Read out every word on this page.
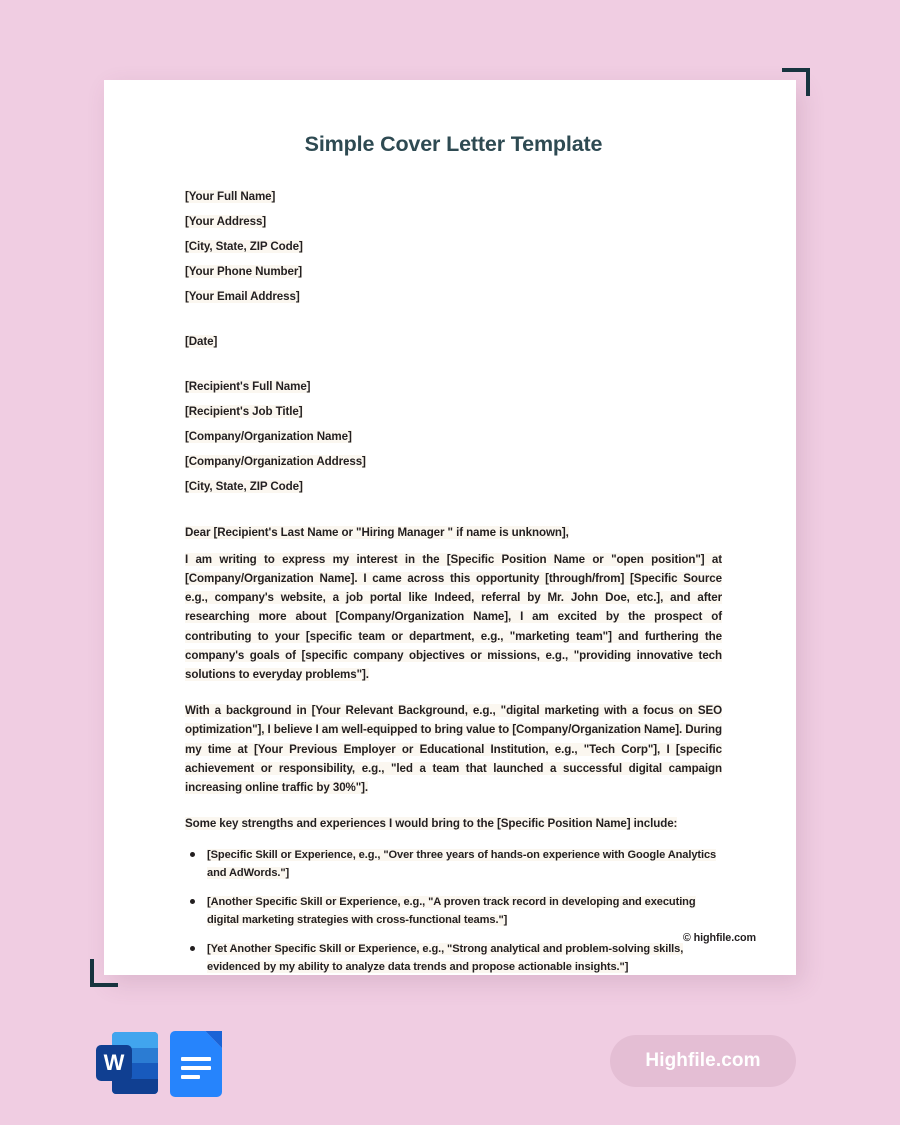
Simple Cover Letter Template
[Your Full Name]
[Your Address]
[City, State, ZIP Code]
[Your Phone Number]
[Your Email Address]
[Date]
[Recipient's Full Name]
[Recipient's Job Title]
[Company/Organization Name]
[Company/Organization Address]
[City, State, ZIP Code]
Dear [Recipient's Last Name or "Hiring Manager " if name is unknown],

I am writing to express my interest in the [Specific Position Name or "open position"] at [Company/Organization Name]. I came across this opportunity [through/from] [Specific Source e.g., company's website, a job portal like Indeed, referral by Mr. John Doe, etc.], and after researching more about [Company/Organization Name], I am excited by the prospect of contributing to your [specific team or department, e.g., "marketing team"] and furthering the company's goals of [specific company objectives or missions, e.g., "providing innovative tech solutions to everyday problems"].

With a background in [Your Relevant Background, e.g., "digital marketing with a focus on SEO optimization"], I believe I am well-equipped to bring value to [Company/Organization Name]. During my time at [Your Previous Employer or Educational Institution, e.g., "Tech Corp"], I [specific achievement or responsibility, e.g., "led a team that launched a successful digital campaign increasing online traffic by 30%"].

Some key strengths and experiences I would bring to the [Specific Position Name] include:

[Specific Skill or Experience, e.g., "Over three years of hands-on experience with Google Analytics and AdWords."]
[Another Specific Skill or Experience, e.g., "A proven track record in developing and executing digital marketing strategies with cross-functional teams."]
[Yet Another Specific Skill or Experience, e.g., "Strong analytical and problem-solving skills, evidenced by my ability to analyze data trends and propose actionable insights."]
© highfile.com
W	Highfile.com
